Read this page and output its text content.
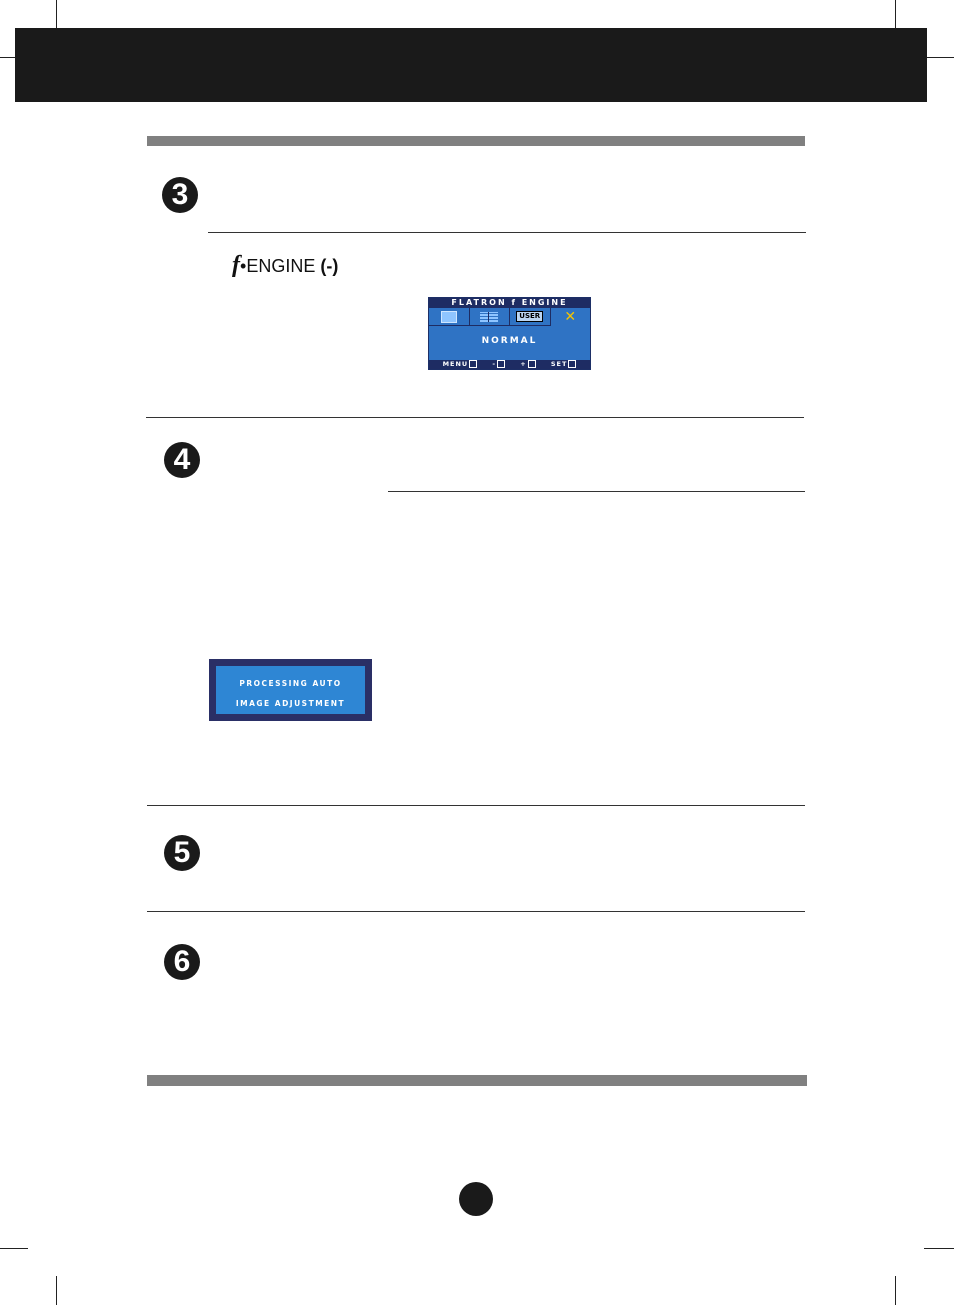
3
f•ENGINE (-)
FLATRON f ENGINE
USER ✕
NORMAL
MENU	-	+	SET
4
PROCESSING AUTO
IMAGE ADJUSTMENT
5
6
